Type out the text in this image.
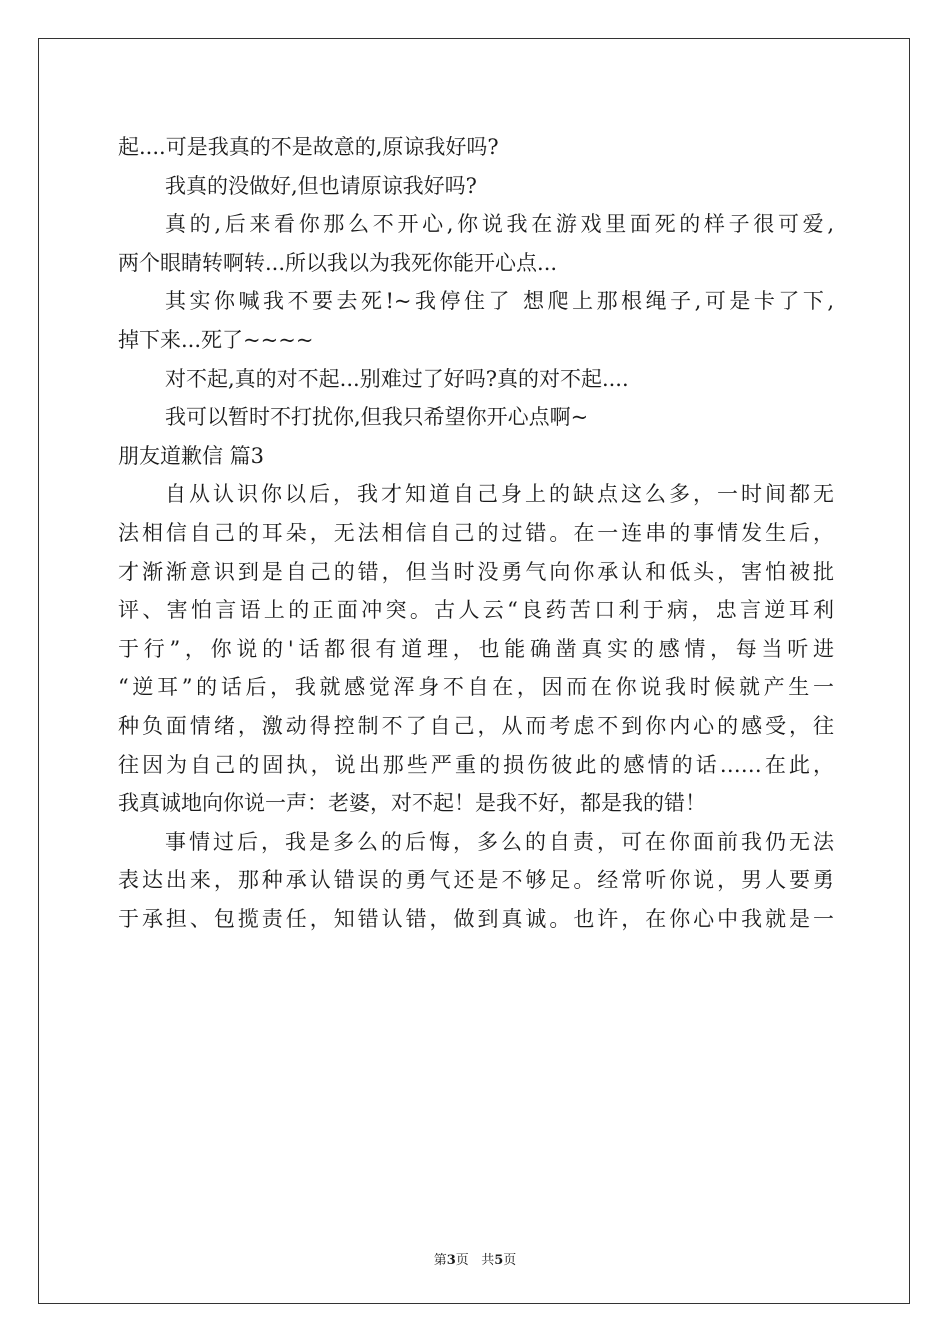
起....可是我真的不是故意的,原谅我好吗?
我真的没做好,但也请原谅我好吗?
真的,后来看你那么不开心,你说我在游戏里面死的样子很可爱,
两个眼睛转啊转...所以我以为我死你能开心点...
其实你喊我不要去死!~我停住了 想爬上那根绳子,可是卡了下,
掉下来...死了~~~~
对不起,真的对不起...别难过了好吗?真的对不起....
我可以暂时不打扰你,但我只希望你开心点啊~
朋友道歉信 篇3
自从认识你以后，我才知道自己身上的缺点这么多，一时间都无
法相信自己的耳朵，无法相信自己的过错。在一连串的事情发生后，
才渐渐意识到是自己的错，但当时没勇气向你承认和低头，害怕被批
评、害怕言语上的正面冲突。古人云“良药苦口利于病，忠言逆耳利
于行”，你说的'话都很有道理，也能确凿真实的感情，每当听进
“逆耳”的话后，我就感觉浑身不自在，因而在你说我时候就产生一
种负面情绪，激动得控制不了自己，从而考虑不到你内心的感受，往
往因为自己的固执，说出那些严重的损伤彼此的感情的话……在此，
我真诚地向你说一声：老婆，对不起！是我不好，都是我的错！
事情过后，我是多么的后悔，多么的自责，可在你面前我仍无法
表达出来，那种承认错误的勇气还是不够足。经常听你说，男人要勇
于承担、包揽责任，知错认错，做到真诚。也许，在你心中我就是一
第3页 共5页
